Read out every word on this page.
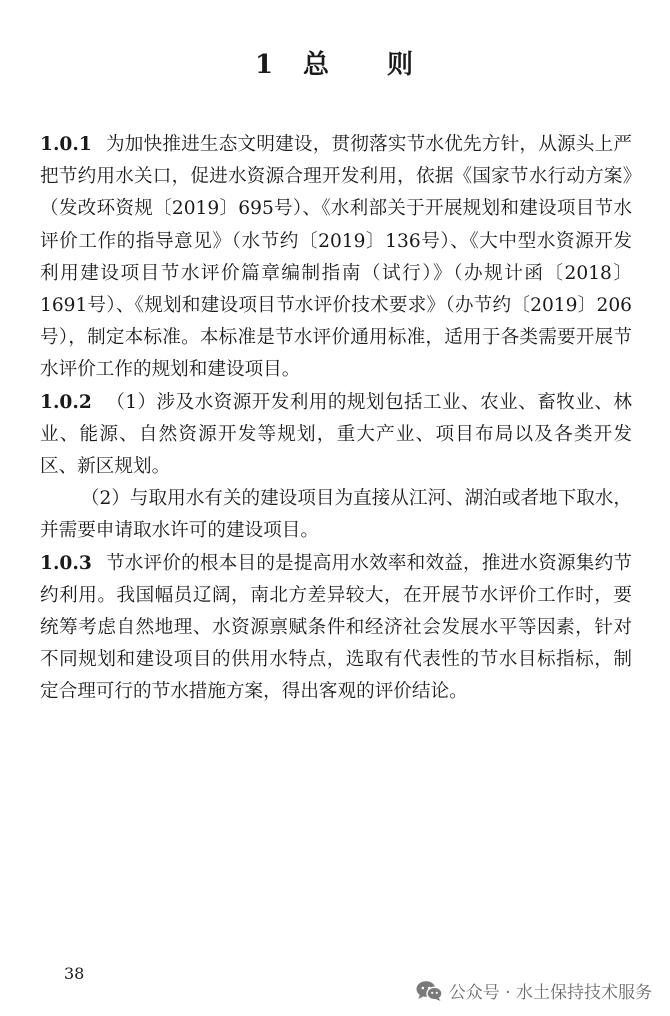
1 总 则

1.0.1 为加快推进生态文明建设，贯彻落实节水优先方针，从源头上严把节约用水关口，促进水资源合理开发利用，依据《国家节水行动方案》（发改环资规〔2019〕695号）、《水利部关于开展规划和建设项目节水评价工作的指导意见》（水节约〔2019〕136号）、《大中型水资源开发利用建设项目节水评价篇章编制指南（试行）》（办规计函〔2018〕1691号）、《规划和建设项目节水评价技术要求》（办节约〔2019〕206号），制定本标准。本标准是节水评价通用标准，适用于各类需要开展节水评价工作的规划和建设项目。

1.0.2 （1）涉及水资源开发利用的规划包括工业、农业、畜牧业、林业、能源、自然资源开发等规划，重大产业、项目布局以及各类开发区、新区规划。

（2）与取用水有关的建设项目为直接从江河、湖泊或者地下取水，并需要申请取水许可的建设项目。

1.0.3 节水评价的根本目的是提高用水效率和效益，推进水资源集约节约利用。我国幅员辽阔，南北方差异较大，在开展节水评价工作时，要统筹考虑自然地理、水资源禀赋条件和经济社会发展水平等因素，针对不同规划和建设项目的供用水特点，选取有代表性的节水目标指标，制定合理可行的节水措施方案，得出客观的评价结论。

38
公众号 · 水土保持技术服务
